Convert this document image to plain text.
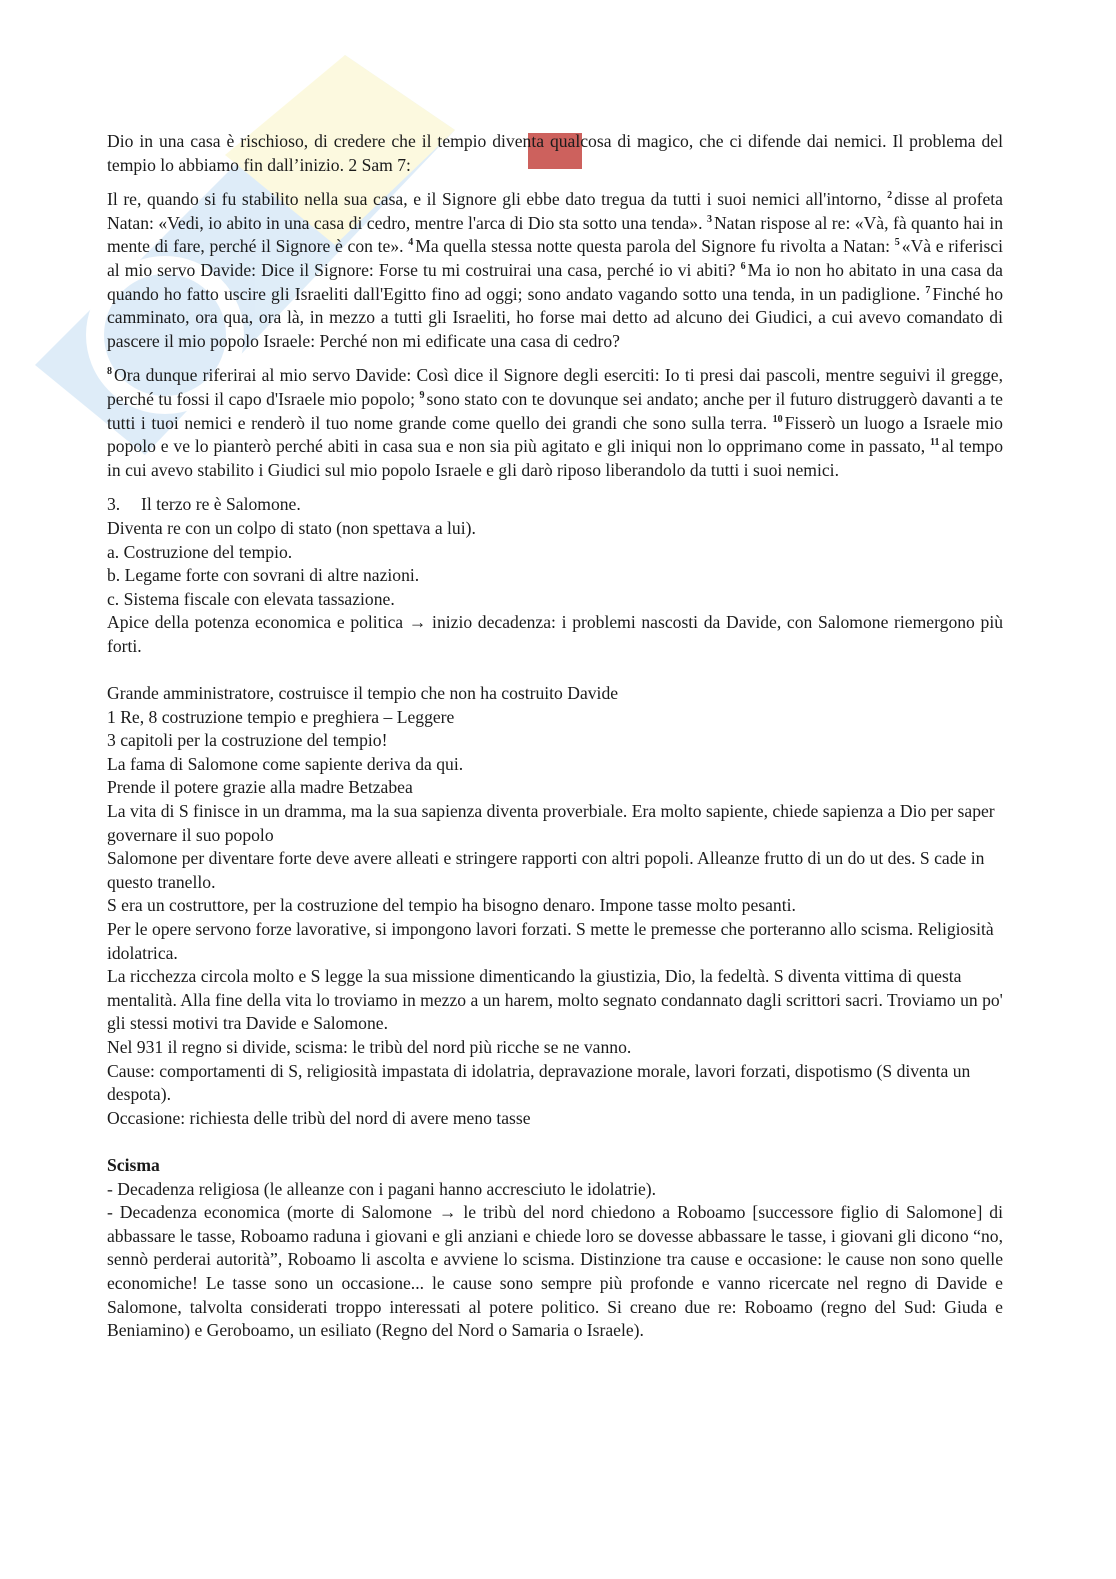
Dio in una casa è rischioso, di credere che il tempio diventa qualcosa di magico, che ci difende dai nemici. Il problema del tempio lo abbiamo fin dall’inizio. 2 Sam 7:

Il re, quando si fu stabilito nella sua casa, e il Signore gli ebbe dato tregua da tutti i suoi nemici all'intorno, $^2$ disse al profeta Natan: «Vedi, io abito in una casa di cedro, mentre l'arca di Dio sta sotto una tenda». $^3$ Natan rispose al re: «Và, fà quanto hai in mente di fare, perché il Signore è con te». $^4$ Ma quella stessa notte questa parola del Signore fu rivolta a Natan: $^5$ «Và e riferisci al mio servo Davide: Dice il Signore: Forse tu mi costruirai una casa, perché io vi abiti? $^6$ Ma io non ho abitato in una casa da quando ho fatto uscire gli Israeliti dall'Egitto fino ad oggi; sono andato vagando sotto una tenda, in un padiglione. $^7$ Finché ho camminato, ora qua, ora là, in mezzo a tutti gli Israeliti, ho forse mai detto ad alcuno dei Giudici, a cui avevo comandato di pascere il mio popolo Israele: Perché non mi edificate una casa di cedro?

$^8$ Ora dunque riferirai al mio servo Davide: Così dice il Signore degli eserciti: Io ti presi dai pascoli, mentre seguivi il gregge, perché tu fossi il capo d'Israele mio popolo; $^9$ sono stato con te dovunque sei andato; anche per il futuro distruggerò davanti a te tutti i tuoi nemici e renderò il tuo nome grande come quello dei grandi che sono sulla terra. $^{10}$ Fisserò un luogo a Israele mio popolo e ve lo pianterò perché abiti in casa sua e non sia più agitato e gli iniqui non lo opprimano come in passato, $^{11}$ al tempo in cui avevo stabilito i Giudici sul mio popolo Israele e gli darò riposo liberandolo da tutti i suoi nemici.

3. Il terzo re è Salomone.

Diventa re con un colpo di stato (non spettava a lui).

a. Costruzione del tempio.

b. Legame forte con sovrani di altre nazioni.

c. Sistema fiscale con elevata tassazione.

Apice della potenza economica e politica → inizio decadenza: i problemi nascosti da Davide, con Salomone riemergono più forti.

Grande amministratore, costruisce il tempio che non ha costruito Davide

1 Re, 8 costruzione tempio e preghiera – Leggere

3 capitoli per la costruzione del tempio!

La fama di Salomone come sapiente deriva da qui.

Prende il potere grazie alla madre Betzabea

La vita di S finisce in un dramma, ma la sua sapienza diventa proverbiale. Era molto sapiente, chiede sapienza a Dio per saper governare il suo popolo

Salomone per diventare forte deve avere alleati e stringere rapporti con altri popoli. Alleanze frutto di un do ut des. S cade in questo tranello.

S era un costruttore, per la costruzione del tempio ha bisogno denaro. Impone tasse molto pesanti.

Per le opere servono forze lavorative, si impongono lavori forzati. S mette le premesse che porteranno allo scisma. Religiosità idolatrica.

La ricchezza circola molto e S legge la sua missione dimenticando la giustizia, Dio, la fedeltà. S diventa vittima di questa mentalità. Alla fine della vita lo troviamo in mezzo a un harem, molto segnato condannato dagli scrittori sacri. Troviamo un po' gli stessi motivi tra Davide e Salomone.

Nel 931 il regno si divide, scisma: le tribù del nord più ricche se ne vanno.

Cause: comportamenti di S, religiosità impastata di idolatria, depravazione morale, lavori forzati, dispotismo (S diventa un despota).

Occasione: richiesta delle tribù del nord di avere meno tasse

Scisma

- Decadenza religiosa (le alleanze con i pagani hanno accresciuto le idolatrie).

- Decadenza economica (morte di Salomone → le tribù del nord chiedono a Roboamo [successore figlio di Salomone] di abbassare le tasse, Roboamo raduna i giovani e gli anziani e chiede loro se dovesse abbassare le tasse, i giovani gli dicono “no, sennò perderai autorità”, Roboamo li ascolta e avviene lo scisma. Distinzione tra cause e occasione: le cause non sono quelle economiche! Le tasse sono un occasione... le cause sono sempre più profonde e vanno ricercate nel regno di Davide e Salomone, talvolta considerati troppo interessati al potere politico. Si creano due re: Roboamo (regno del Sud: Giuda e Beniamino) e Geroboamo, un esiliato (Regno del Nord o Samaria o Israele).
